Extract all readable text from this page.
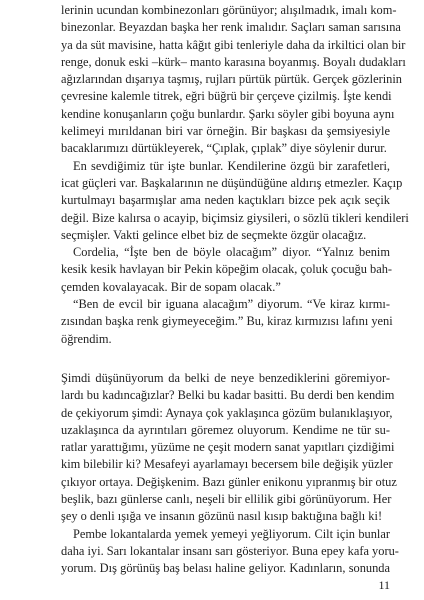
lerinin ucundan kombinezonları görünüyor; alışılmadık, imalı kom-
binezonlar. Beyazdan başka her renk imalıdır. Saçları saman sarısına
ya da süt mavisine, hatta kâğıt gibi tenleriyle daha da irkiltici olan bir
renge, donuk eski –kürk– manto karasına boyanmış. Boyalı dudakları
ağızlarından dışarıya taşmış, rujları pürtük pürtük. Gerçek gözlerinin
çevresine kalemle titrek, eğri büğrü bir çerçeve çizilmiş. İşte kendi
kendine konuşanların çoğu bunlardır. Şarkı söyler gibi boyuna aynı
kelimeyi mırıldanan biri var örneğin. Bir başkası da şemsiyesiyle
bacaklarımızı dürtükleyerek, “Çıplak, çıplak” diye söylenir durur.
En sevdiğimiz tür işte bunlar. Kendilerine özgü bir zarafetleri,
icat güçleri var. Başkalarının ne düşündüğüne aldırış etmezler. Kaçıp
kurtulmayı başarmışlar ama neden kaçtıkları bizce pek açık seçik
değil. Bize kalırsa o acayip, biçimsiz giysileri, o sözlü tikleri kendileri
seçmişler. Vakti gelince elbet biz de seçmekte özgür olacağız.
Cordelia, “İşte ben de böyle olacağım” diyor. “Yalnız benim
kesik kesik havlayan bir Pekin köpeğim olacak, çoluk çocuğu bah-
çemden kovalayacak. Bir de sopam olacak.”
“Ben de evcil bir iguana alacağım” diyorum. “Ve kiraz kırmı-
zısından başka renk giymeyeceğim.” Bu, kiraz kırmızısı lafını yeni
öğrendim.
Şimdi düşünüyorum da belki de neye benzediklerini göremiyor-
lardı bu kadıncağızlar? Belki bu kadar basitti. Bu derdi ben kendim
de çekiyorum şimdi: Aynaya çok yaklaşınca gözüm bulanıklaşıyor,
uzaklaşınca da ayrıntıları göremez oluyorum. Kendime ne tür su-
ratlar yarattığımı, yüzüme ne çeşit modern sanat yapıtları çizdiğimi
kim bilebilir ki? Mesafeyi ayarlamayı becersem bile değişik yüzler
çıkıyor ortaya. Değişkenim. Bazı günler enikonu yıpranmış bir otuz
beşlik, bazı günlerse canlı, neşeli bir ellilik gibi görünüyorum. Her
şey o denli ışığa ve insanın gözünü nasıl kısıp baktığına bağlı ki!
Pembe lokantalarda yemek yemeyi yeğliyorum. Cilt için bunlar
daha iyi. Sarı lokantalar insanı sarı gösteriyor. Buna epey kafa yoru-
yorum. Dış görünüş baş belası haline geliyor. Kadınların, sonunda
11
